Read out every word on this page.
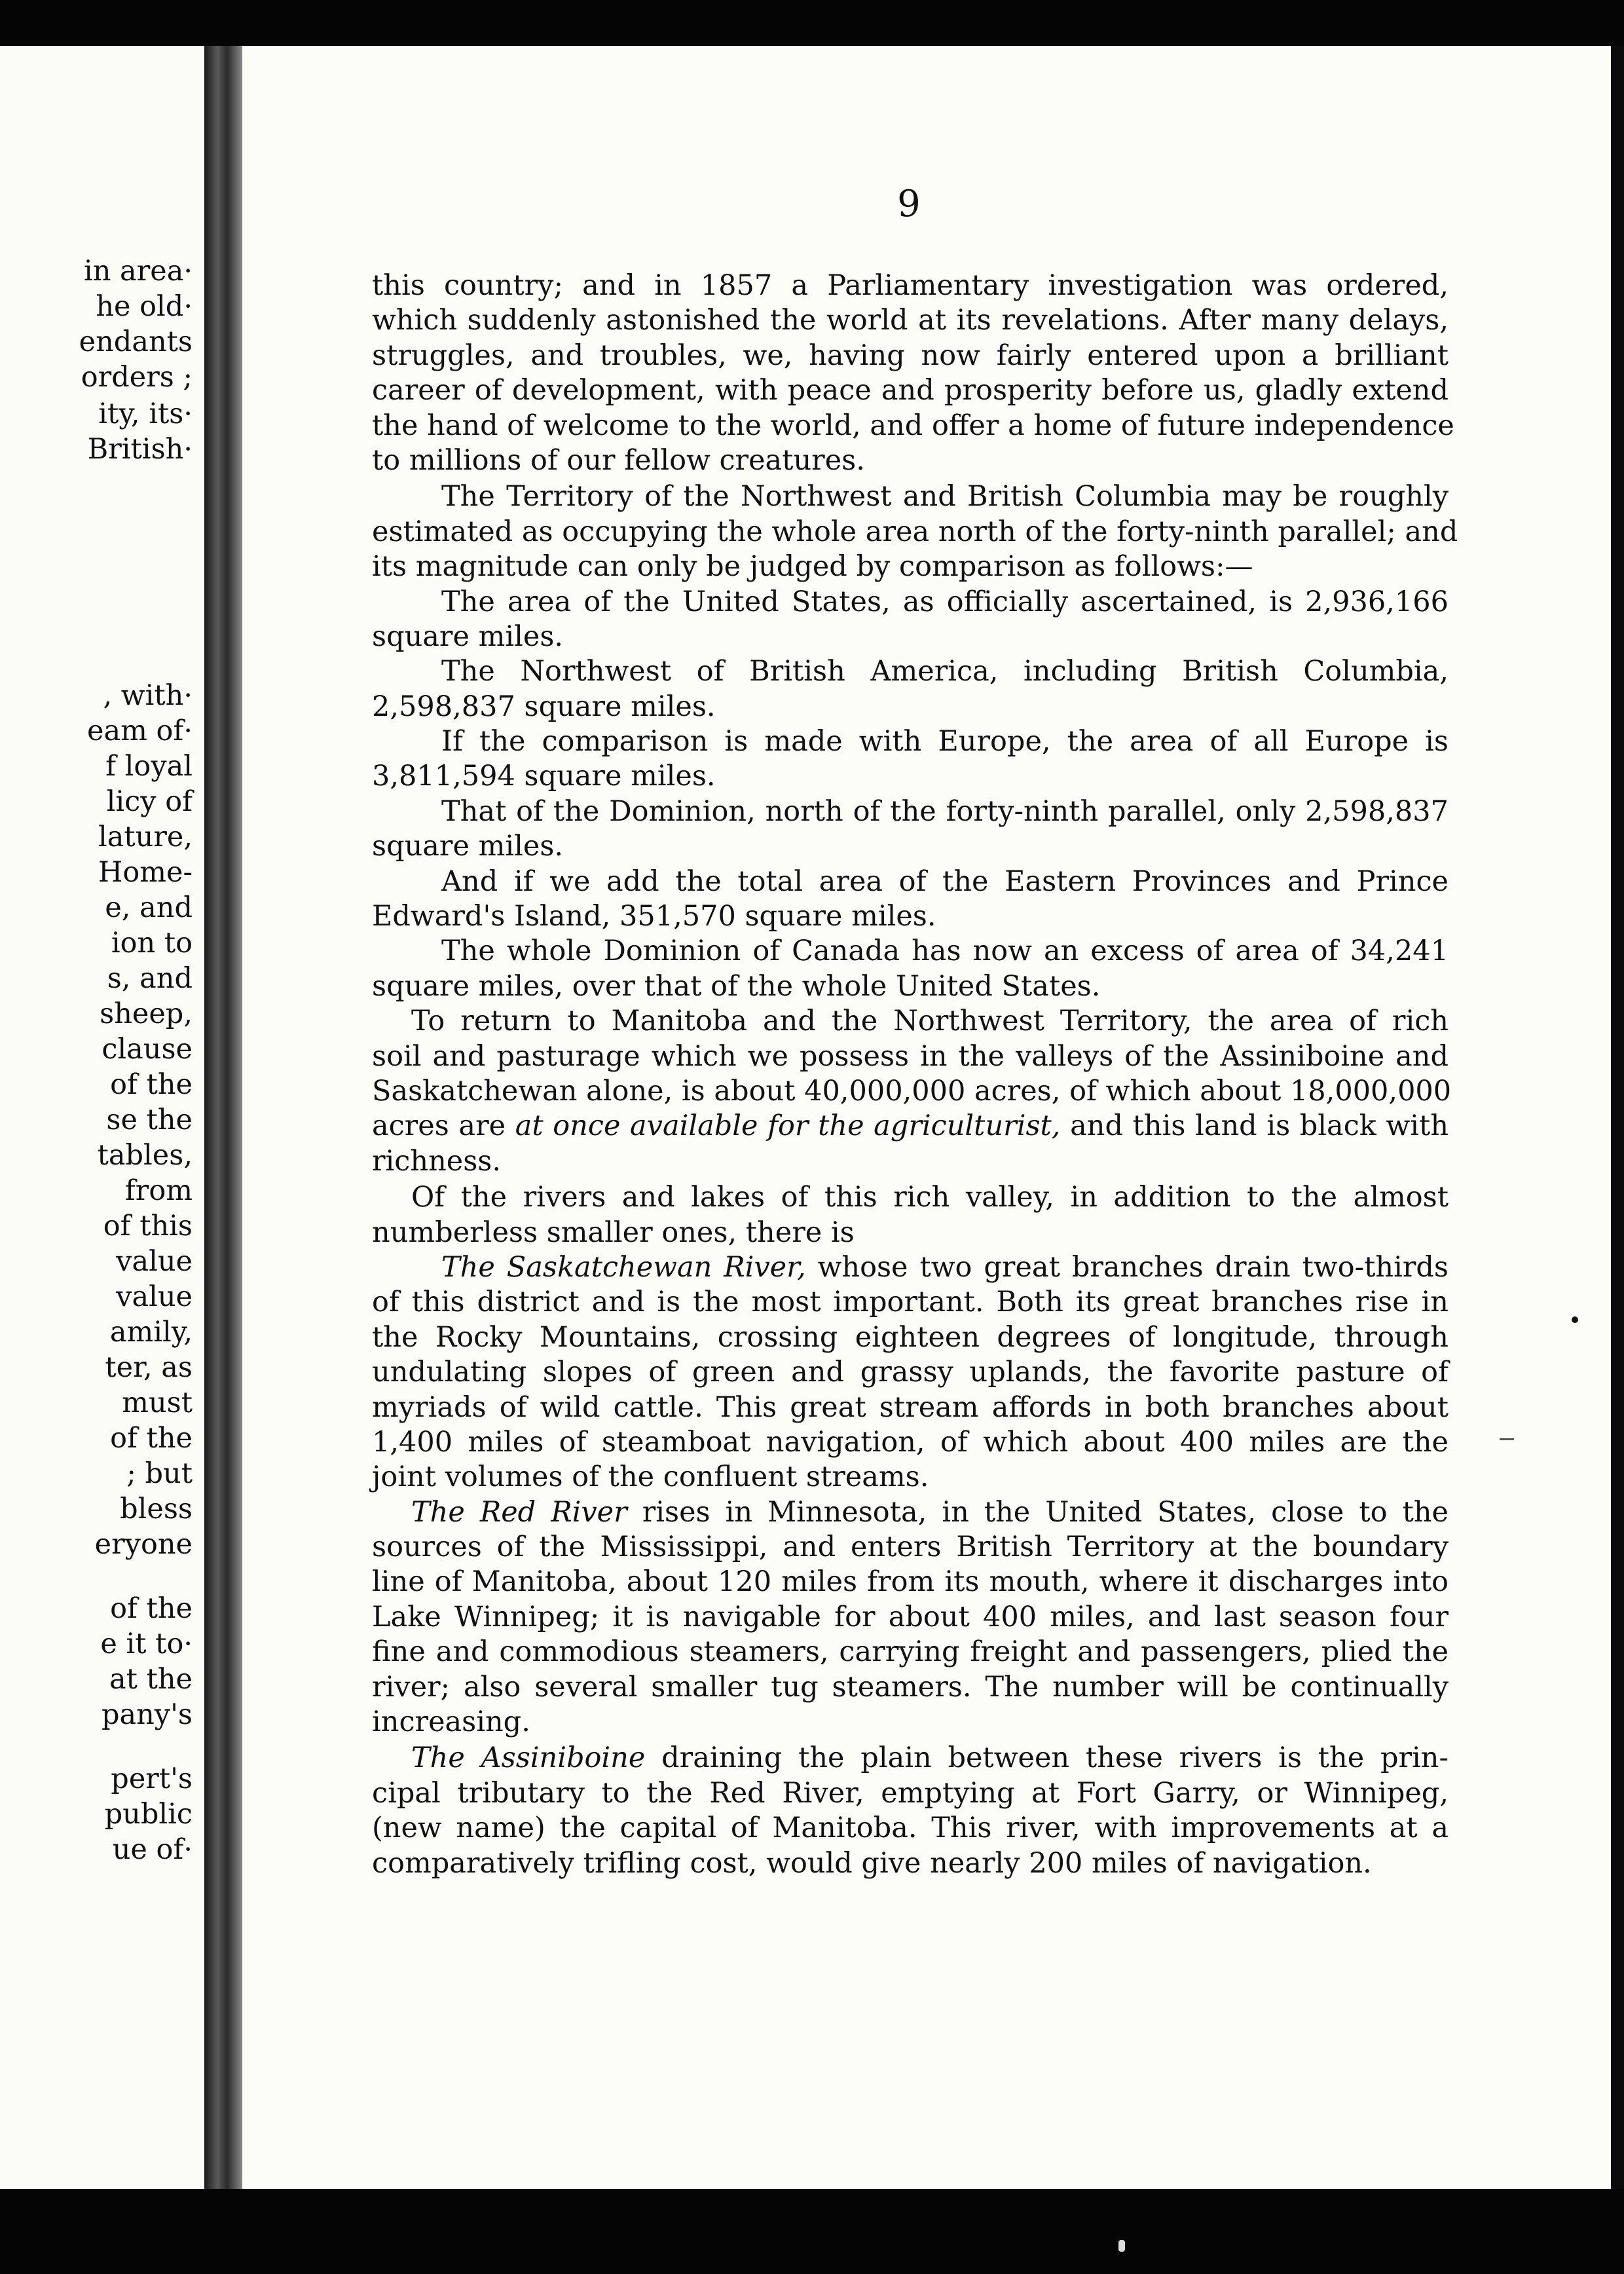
in area·
he old·
endants
orders ;
ity, its·
British·
, with·
eam of·
f loyal
licy of
lature,
Home-
e, and
ion to
s, and
sheep,
clause
of the
se the
tables,
from
of this
value
value
amily,
ter, as
must
of the
; but
bless
eryone
of the
e it to·
at the
pany's
pert's
public
ue of·
9
this country; and in 1857 a Parliamentary investigation was ordered,
which suddenly astonished the world at its revelations. After many delays,
struggles, and troubles, we, having now fairly entered upon a brilliant
career of development, with peace and prosperity before us, gladly extend
the hand of welcome to the world, and offer a home of future independence
to millions of our fellow creatures.
The Territory of the Northwest and British Columbia may be roughly
estimated as occupying the whole area north of the forty-ninth parallel; and
its magnitude can only be judged by comparison as follows:—
The area of the United States, as officially ascertained, is 2,936,166
square miles.
The Northwest of British America, including British Columbia,
2,598,837 square miles.
If the comparison is made with Europe, the area of all Europe is
3,811,594 square miles.
That of the Dominion, north of the forty-ninth parallel, only 2,598,837
square miles.
And if we add the total area of the Eastern Provinces and Prince
Edward's Island, 351,570 square miles.
The whole Dominion of Canada has now an excess of area of 34,241
square miles, over that of the whole United States.
To return to Manitoba and the Northwest Territory, the area of rich
soil and pasturage which we possess in the valleys of the Assiniboine and
Saskatchewan alone, is about 40,000,000 acres, of which about 18,000,000
acres are at once available for the agriculturist, and this land is black with
richness.
Of the rivers and lakes of this rich valley, in addition to the almost
numberless smaller ones, there is
The Saskatchewan River, whose two great branches drain two-thirds
of this district and is the most important. Both its great branches rise in
the Rocky Mountains, crossing eighteen degrees of longitude, through
undulating slopes of green and grassy uplands, the favorite pasture of
myriads of wild cattle. This great stream affords in both branches about
1,400 miles of steamboat navigation, of which about 400 miles are the
joint volumes of the confluent streams.
The Red River rises in Minnesota, in the United States, close to the
sources of the Mississippi, and enters British Territory at the boundary
line of Manitoba, about 120 miles from its mouth, where it discharges into
Lake Winnipeg; it is navigable for about 400 miles, and last season four
fine and commodious steamers, carrying freight and passengers, plied the
river; also several smaller tug steamers. The number will be continually
increasing.
The Assiniboine draining the plain between these rivers is the prin-
cipal tributary to the Red River, emptying at Fort Garry, or Winnipeg,
(new name) the capital of Manitoba. This river, with improvements at a
comparatively trifling cost, would give nearly 200 miles of navigation.
